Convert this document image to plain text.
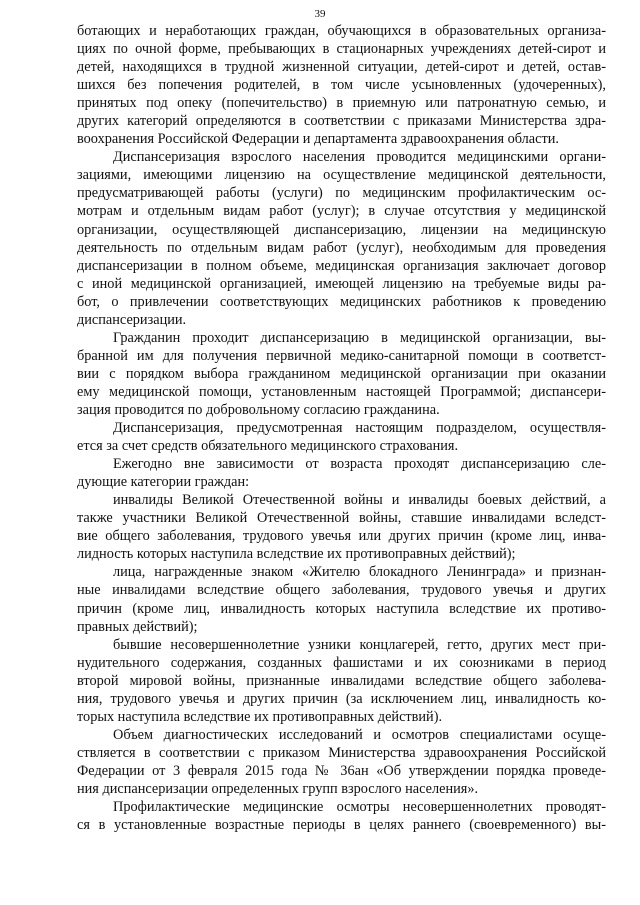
39
ботающих и неработающих граждан, обучающихся в образовательных организа-
циях по очной форме, пребывающих в стационарных учреждениях детей-сирот и
детей, находящихся в трудной жизненной ситуации, детей-сирот и детей, остав-
шихся без попечения родителей, в том числе усыновленных (удочеренных),
принятых под опеку (попечительство) в приемную или патронатную семью, и
других категорий определяются в соответствии с приказами Министерства здра-
воохранения Российской Федерации и департамента здравоохранения области.
Диспансеризация взрослого населения проводится медицинскими органи-
зациями, имеющими лицензию на осуществление медицинской деятельности,
предусматривающей работы (услуги) по медицинским профилактическим ос-
мотрам и отдельным видам работ (услуг); в случае отсутствия у медицинской
организации, осуществляющей диспансеризацию, лицензии на медицинскую
деятельность по отдельным видам работ (услуг), необходимым для проведения
диспансеризации в полном объеме, медицинская организация заключает договор
с иной медицинской организацией, имеющей лицензию на требуемые виды ра-
бот, о привлечении соответствующих медицинских работников к проведению
диспансеризации.
Гражданин проходит диспансеризацию в медицинской организации, вы-
бранной им для получения первичной медико-санитарной помощи в соответст-
вии с порядком выбора гражданином медицинской организации при оказании
ему медицинской помощи, установленным настоящей Программой; диспансери-
зация проводится по добровольному согласию гражданина.
Диспансеризация, предусмотренная настоящим подразделом, осуществля-
ется за счет средств обязательного медицинского страхования.
Ежегодно вне зависимости от возраста проходят диспансеризацию сле-
дующие категории граждан:
инвалиды Великой Отечественной войны и инвалиды боевых действий, а
также участники Великой Отечественной войны, ставшие инвалидами вследст-
вие общего заболевания, трудового увечья или других причин (кроме лиц, инва-
лидность которых наступила вследствие их противоправных действий);
лица, награжденные знаком «Жителю блокадного Ленинграда» и признан-
ные инвалидами вследствие общего заболевания, трудового увечья и других
причин (кроме лиц, инвалидность которых наступила вследствие их противо-
правных действий);
бывшие несовершеннолетние узники концлагерей, гетто, других мест при-
нудительного содержания, созданных фашистами и их союзниками в период
второй мировой войны, признанные инвалидами вследствие общего заболева-
ния, трудового увечья и других причин (за исключением лиц, инвалидность ко-
торых наступила вследствие их противоправных действий).
Объем диагностических исследований и осмотров специалистами осуще-
ствляется в соответствии с приказом Министерства здравоохранения Российской
Федерации от 3 февраля 2015 года № 36ан «Об утверждении порядка проведе-
ния диспансеризации определенных групп взрослого населения».
Профилактические медицинские осмотры несовершеннолетних проводят-
ся в установленные возрастные периоды в целях раннего (своевременного) вы-
